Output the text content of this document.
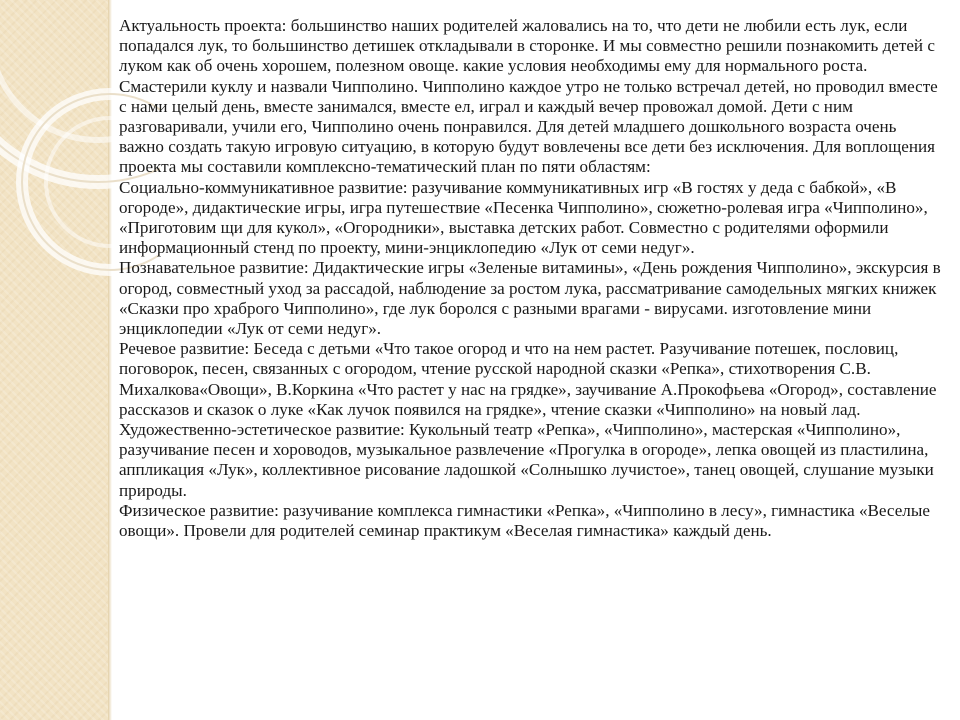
Актуальность проекта: большинство наших родителей жаловались на то, что дети не любили есть лук, если попадался лук, то большинство детишек откладывали в сторонке. И мы совместно решили познакомить детей с луком как об очень хорошем, полезном овоще. какие условия необходимы ему для нормального роста. Смастерили куклу и назвали Чипполино. Чипполино каждое утро не только встречал детей, но проводил вместе с нами целый день, вместе занимался, вместе ел, играл и каждый вечер провожал домой. Дети с ним разговаривали, учили его, Чипполино очень понравился. Для детей младшего дошкольного возраста очень важно создать такую игровую ситуацию, в которую будут вовлечены все дети без исключения. Для воплощения проекта мы составили комплексно-тематический план по пяти областям:

Социально-коммуникативное развитие: разучивание коммуникативных игр «В гостях у деда с бабкой», «В огороде», дидактические игры, игра путешествие «Песенка Чипполино», сюжетно-ролевая игра «Чипполино», «Приготовим щи для кукол», «Огородники», выставка детских работ. Совместно с родителями оформили информационный стенд по проекту, мини-энциклопедию «Лук от семи недуг».

Познавательное развитие: Дидактические игры «Зеленые витамины», «День рождения Чипполино», экскурсия в огород, совместный уход за рассадой, наблюдение за ростом лука, рассматривание самодельных мягких книжек «Сказки про храброго Чипполино», где лук боролся с разными врагами - вирусами. изготовление мини энциклопедии «Лук от семи недуг».

Речевое развитие: Беседа с детьми «Что такое огород и что на нем растет. Разучивание потешек, пословиц, поговорок, песен, связанных с огородом, чтение русской народной сказки «Репка», стихотворения С.В. Михалкова«Овощи», В.Коркина «Что растет у нас на грядке», заучивание А.Прокофьева «Огород», составление рассказов и сказок о луке «Как лучок появился на грядке», чтение сказки «Чипполино» на новый лад.

Художественно-эстетическое развитие: Кукольный театр «Репка», «Чипполино», мастерская «Чипполино», разучивание песен и хороводов, музыкальное развлечение «Прогулка в огороде», лепка овощей из пластилина, аппликация «Лук», коллективное рисование ладошкой «Солнышко лучистое», танец овощей, слушание музыки природы.

Физическое развитие: разучивание комплекса гимнастики «Репка», «Чипполино в лесу», гимнастика «Веселые овощи». Провели для родителей семинар практикум «Веселая гимнастика» каждый день.
